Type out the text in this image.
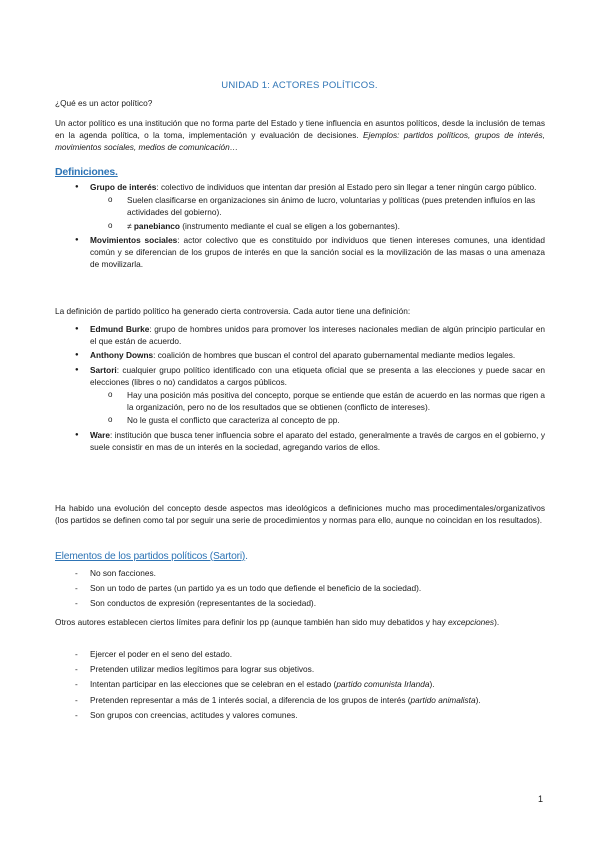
UNIDAD 1: ACTORES POLÍTICOS.
¿Qué es un actor político?
Un actor político es una institución que no forma parte del Estado y tiene influencia en asuntos políticos, desde la inclusión de temas en la agenda política, o la toma, implementación y evaluación de decisiones. Ejemplos: partidos políticos, grupos de interés, movimientos sociales, medios de comunicación…
Definiciones.
● Grupo de interés: colectivo de individuos que intentan dar presión al Estado pero sin llegar a tener ningún cargo público.
o Suelen clasificarse en organizaciones sin ánimo de lucro, voluntarias y políticas (pues pretenden influíos en las actividades del gobierno).
o ≠ panebianco (instrumento mediante el cual se eligen a los gobernantes).
● Movimientos sociales: actor colectivo que es constituido por individuos que tienen intereses comunes, una identidad común y se diferencian de los grupos de interés en que la sanción social es la movilización de las masas o una amenaza de movilizarla.
La definición de partido político ha generado cierta controversia. Cada autor tiene una definición:
● Edmund Burke: grupo de hombres unidos para promover los intereses nacionales median de algún principio particular en el que están de acuerdo.
● Anthony Downs: coalición de hombres que buscan el control del aparato gubernamental mediante medios legales.
● Sartori: cualquier grupo político identificado con una etiqueta oficial que se presenta a las elecciones y puede sacar en elecciones (libres o no) candidatos a cargos públicos.
o Hay una posición más positiva del concepto, porque se entiende que están de acuerdo en las normas que rigen a la organización, pero no de los resultados que se obtienen (conflicto de intereses).
o No le gusta el conflicto que caracteriza al concepto de pp.
● Ware: institución que busca tener influencia sobre el aparato del estado, generalmente a través de cargos en el gobierno, y suele consistir en mas de un interés en la sociedad, agregando varios de ellos.
Ha habido una evolución del concepto desde aspectos mas ideológicos a definiciones mucho mas procedimentales/organizativos (los partidos se definen como tal por seguir una serie de procedimientos y normas para ello, aunque no coincidan en los resultados).
Elementos de los partidos políticos (Sartori).
- No son facciones.
- Son un todo de partes (un partido ya es un todo que defiende el beneficio de la sociedad).
- Son conductos de expresión (representantes de la sociedad).
Otros autores establecen ciertos límites para definir los pp (aunque también han sido muy debatidos y hay excepciones).
- Ejercer el poder en el seno del estado.
- Pretenden utilizar medios legítimos para lograr sus objetivos.
- Intentan participar en las elecciones que se celebran en el estado (partido comunista Irlanda).
- Pretenden representar a más de 1 interés social, a diferencia de los grupos de interés (partido animalista).
- Son grupos con creencias, actitudes y valores comunes.
1
